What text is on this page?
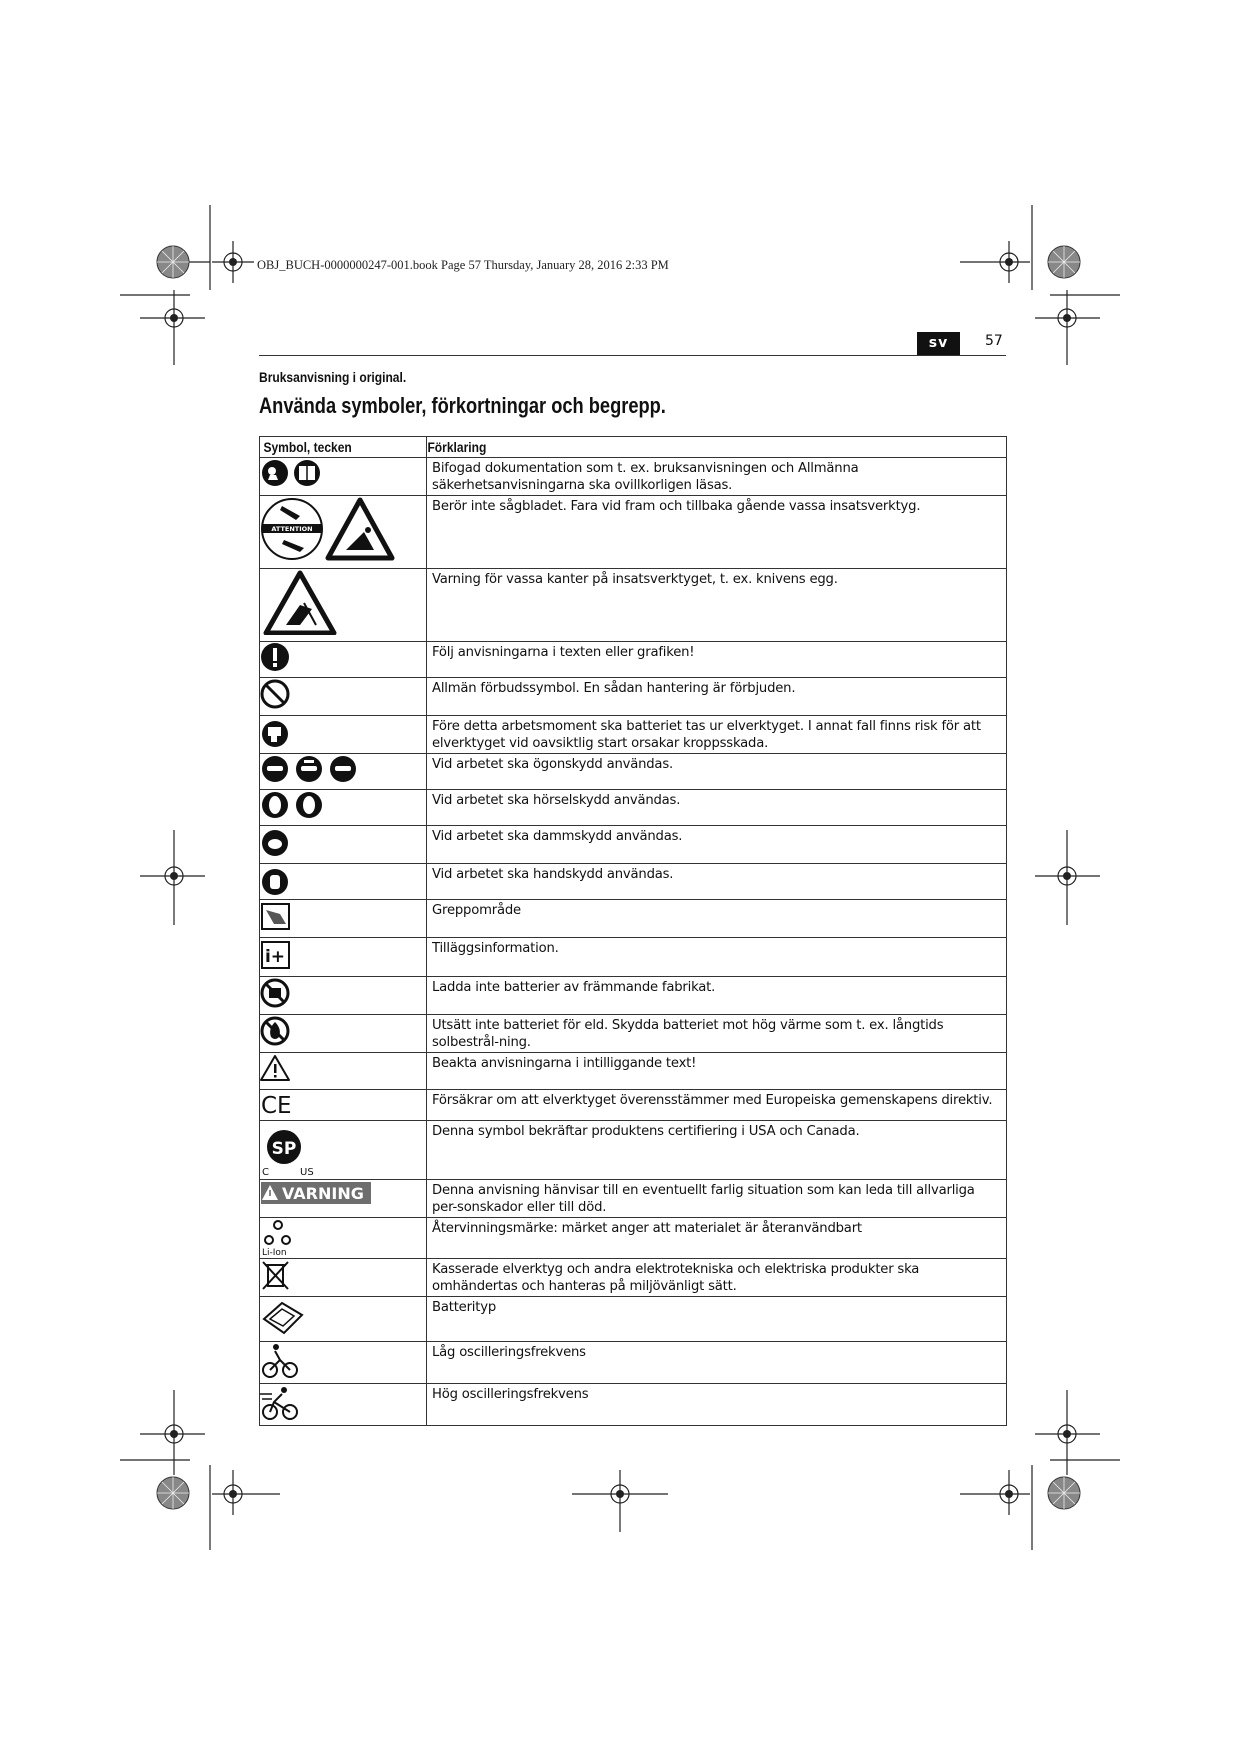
OBJ_BUCH-0000000247-001.book Page 57 Thursday, January 28, 2016 2:33 PM
sv	57
Bruksanvisning i original.
Använda symboler, förkortningar och begrepp.
Symbol, tecken	Förklaring
	Bifogad dokumentation som t. ex. bruksanvisningen och Allmänna säkerhetsanvisningarna ska ovillkorligen läsas.

ATTENTION	Berör inte sågbladet. Fara vid fram och tillbaka gående vassa insatsverktyg.
	Varning för vassa kanter på insatsverktyget, t. ex. knivens egg.
	Följ anvisningarna i texten eller grafiken!
	Allmän förbudssymbol. En sådan hantering är förbjuden.
	Före detta arbetsmoment ska batteriet tas ur elverktyget. I annat fall finns risk för att elverktyget vid oavsiktlig start orsakar kroppsskada.
	Vid arbetet ska ögonskydd användas.
	Vid arbetet ska hörselskydd användas.
	Vid arbetet ska dammskydd användas.
	Vid arbetet ska handskydd användas.
	Greppområde

i+	Tilläggsinformation.
	Ladda inte batterier av främmande fabrikat.
	Utsätt inte batteriet för eld. Skydda batteriet mot hög värme som t. ex. långtids solbestrål-ning.
	Beakta anvisningarna i intilliggande text!

CE	Försäkrar om att elverktyget överensstämmer med Europeiska gemenskapens direktiv.

SP
C US	Denna symbol bekräftar produktens certifiering i USA och Canada.

VARNING	Denna anvisning hänvisar till en eventuellt farlig situation som kan leda till allvarliga per-sonskador eller till död.

Li-Ion	Återvinningsmärke: märket anger att materialet är återanvändbart
	Kasserade elverktyg och andra elektrotekniska och elektriska produkter ska omhändertas och hanteras på miljövänligt sätt.
	Batterityp
	Låg oscilleringsfrekvens
	Hög oscilleringsfrekvens
